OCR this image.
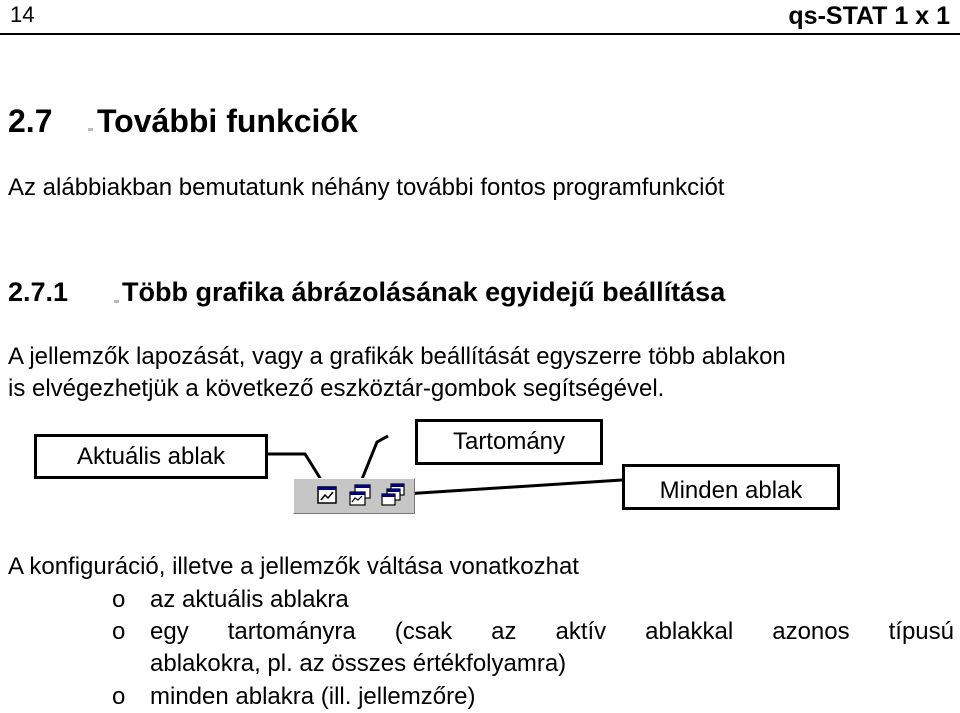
14	qs-STAT 1 x 1
2.7 További funkciók
Az alábbiakban bemutatunk néhány további fontos programfunkciót
2.7.1 Több grafika ábrázolásának egyidejű beállítása
A jellemzők lapozását, vagy a grafikák beállítását egyszerre több ablakon
is elvégezhetjük a következő eszköztár-gombok segítségével.
Aktuális ablak
Tartomány
Minden ablak
A konfiguráció, illetve a jellemzők váltása vonatkozhat
o az aktuális ablakra
o egy tartományra (csak az aktív ablakkal azonos típusú
ablakokra, pl. az összes értékfolyamra)
o minden ablakra (ill. jellemzőre)
